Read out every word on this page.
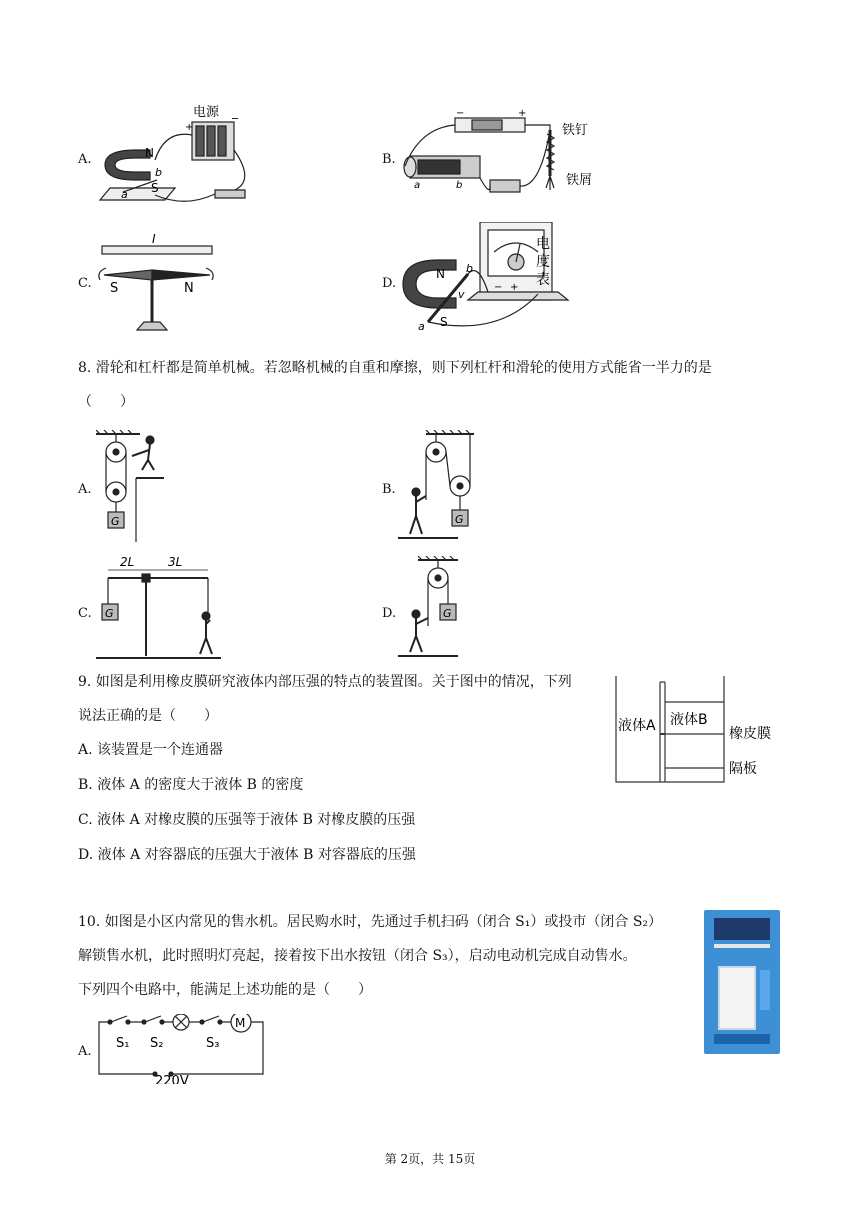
A.	B.
C.	D.
电源
+
_
N
S
a
b
铁钉
铁屑
−	+
a	b
I
S	N
电
度
表
N
S
a
b
v
− +
8. 滑轮和杠杆都是简单机械。若忽略机械的自重和摩擦，则下列杠杆和滑轮的使用方式能省一半力的是
（　　）
A.	B.
C.	D.
G	G
2L	3L
G	G
9. 如图是利用橡皮膜研究液体内部压强的特点的装置图。关于图中的情况，下列
说法正确的是（　　）
A. 该装置是一个连通器
B. 液体 A 的密度大于液体 B 的密度
C. 液体 A 对橡皮膜的压强等于液体 B 对橡皮膜的压强
D. 液体 A 对容器底的压强大于液体 B 对容器底的压强
液体A 液体B
橡皮膜
隔板
10. 如图是小区内常见的售水机。居民购水时，先通过手机扫码（闭合 S₁）或投市（闭合 S₂）
解锁售水机，此时照明灯亮起，接着按下出水按钮（闭合 S₃），启动电动机完成自动售水。
下列四个电路中，能满足上述功能的是（　　）
A.
S₁ S₂	S₃
M
220V
第 2页，共 15页
